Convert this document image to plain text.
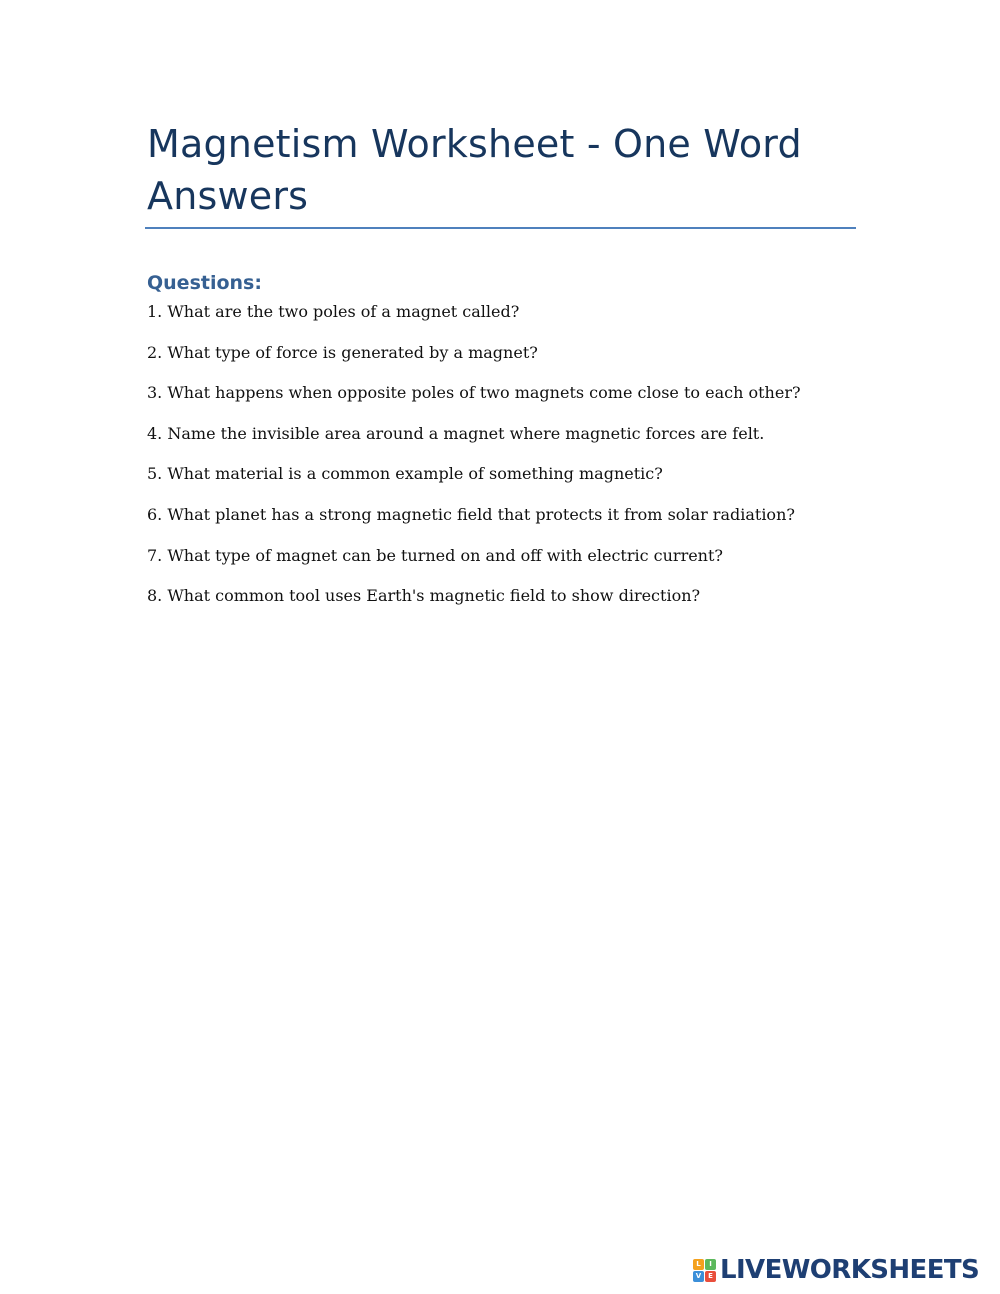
Magnetism Worksheet - One Word Answers
Questions:
1. What are the two poles of a magnet called?
2. What type of force is generated by a magnet?
3. What happens when opposite poles of two magnets come close to each other?
4. Name the invisible area around a magnet where magnetic forces are felt.
5. What material is a common example of something magnetic?
6. What planet has a strong magnetic field that protects it from solar radiation?
7. What type of magnet can be turned on and off with electric current?
8. What common tool uses Earth's magnetic field to show direction?
L	I
V E LIVEWORKSHEETS
